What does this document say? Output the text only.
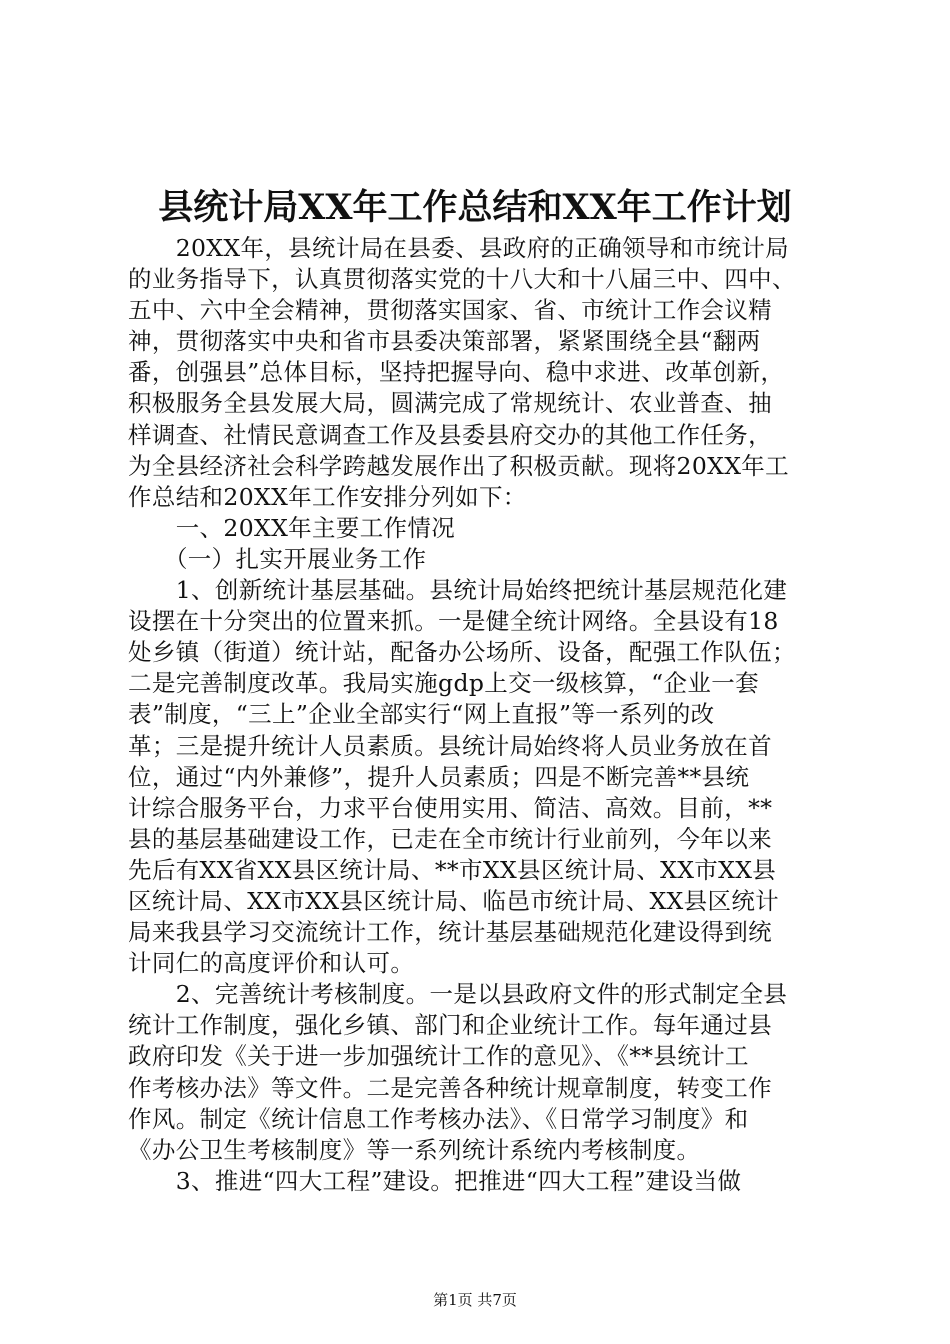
县统计局XX年工作总结和XX年工作计划
　　20XX年，县统计局在县委、县政府的正确领导和市统计局
的业务指导下，认真贯彻落实党的十八大和十八届三中、四中、
五中、六中全会精神，贯彻落实国家、省、市统计工作会议精
神，贯彻落实中央和省市县委决策部署，紧紧围绕全县“翻两
番，创强县”总体目标，坚持把握导向、稳中求进、改革创新，
积极服务全县发展大局，圆满完成了常规统计、农业普查、抽
样调查、社情民意调查工作及县委县府交办的其他工作任务，
为全县经济社会科学跨越发展作出了积极贡献。现将20XX年工
作总结和20XX年工作安排分列如下：
　　一、20XX年主要工作情况
　　（一）扎实开展业务工作
　　1、创新统计基层基础。县统计局始终把统计基层规范化建
设摆在十分突出的位置来抓。一是健全统计网络。全县设有18
处乡镇（街道）统计站，配备办公场所、设备，配强工作队伍；
二是完善制度改革。我局实施gdp上交一级核算，“企业一套
表”制度，“三上”企业全部实行“网上直报”等一系列的改
革；三是提升统计人员素质。县统计局始终将人员业务放在首
位，通过“内外兼修”，提升人员素质；四是不断完善**县统
计综合服务平台，力求平台使用实用、简洁、高效。目前，**
县的基层基础建设工作，已走在全市统计行业前列，今年以来
先后有XX省XX县区统计局、**市XX县区统计局、XX市XX县
区统计局、XX市XX县区统计局、临邑市统计局、XX县区统计
局来我县学习交流统计工作，统计基层基础规范化建设得到统
计同仁的高度评价和认可。
　　2、完善统计考核制度。一是以县政府文件的形式制定全县
统计工作制度，强化乡镇、部门和企业统计工作。每年通过县
政府印发《关于进一步加强统计工作的意见》、《**县统计工
作考核办法》等文件。二是完善各种统计规章制度，转变工作
作风。制定《统计信息工作考核办法》、《日常学习制度》和
《办公卫生考核制度》等一系列统计系统内考核制度。
　　3、推进“四大工程”建设。把推进“四大工程”建设当做
第1页 共7页
